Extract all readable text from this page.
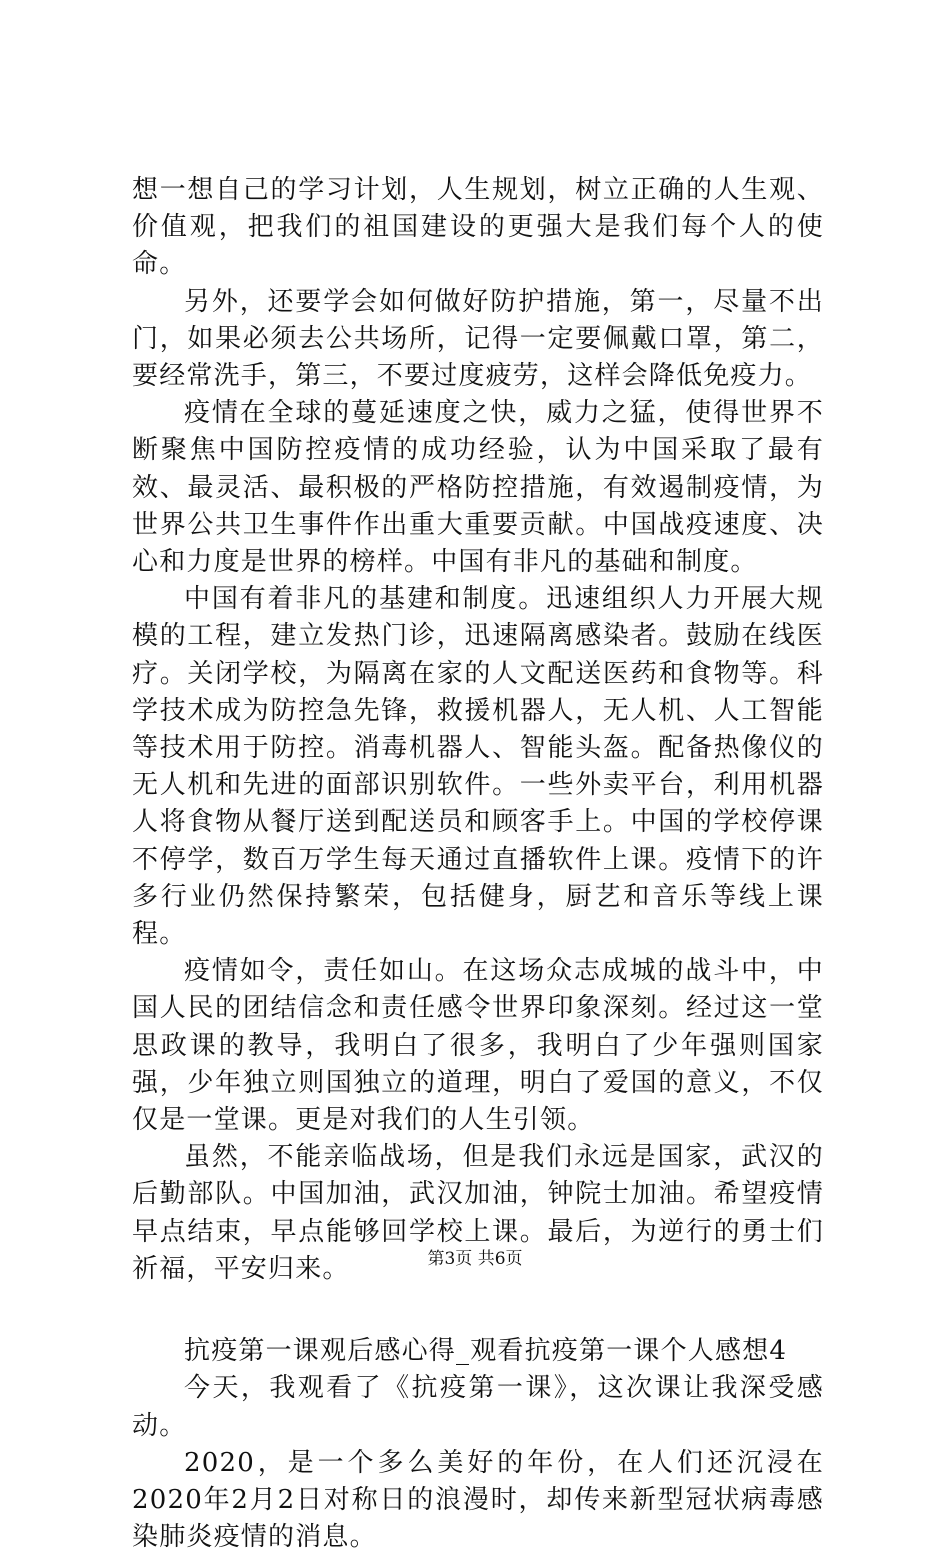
想一想自己的学习计划，人生规划，树立正确的人生观、价值观，把我们的祖国建设的更强大是我们每个人的使命。

另外，还要学会如何做好防护措施，第一，尽量不出门，如果必须去公共场所，记得一定要佩戴口罩，第二，要经常洗手，第三，不要过度疲劳，这样会降低免疫力。

疫情在全球的蔓延速度之快，威力之猛，使得世界不断聚焦中国防控疫情的成功经验，认为中国采取了最有效、最灵活、最积极的严格防控措施，有效遏制疫情，为世界公共卫生事件作出重大重要贡献。中国战疫速度、决心和力度是世界的榜样。中国有非凡的基础和制度。

中国有着非凡的基建和制度。迅速组织人力开展大规模的工程，建立发热门诊，迅速隔离感染者。鼓励在线医疗。关闭学校，为隔离在家的人文配送医药和食物等。科学技术成为防控急先锋，救援机器人，无人机、人工智能等技术用于防控。消毒机器人、智能头盔。配备热像仪的无人机和先进的面部识别软件。一些外卖平台，利用机器人将食物从餐厅送到配送员和顾客手上。中国的学校停课不停学，数百万学生每天通过直播软件上课。疫情下的许多行业仍然保持繁荣，包括健身，厨艺和音乐等线上课程。

疫情如令，责任如山。在这场众志成城的战斗中，中国人民的团结信念和责任感令世界印象深刻。经过这一堂思政课的教导，我明白了很多，我明白了少年强则国家强，少年独立则国独立的道理，明白了爱国的意义，不仅仅是一堂课。更是对我们的人生引领。

虽然，不能亲临战场，但是我们永远是国家，武汉的后勤部队。中国加油，武汉加油，钟院士加油。希望疫情早点结束，早点能够回学校上课。最后，为逆行的勇士们祈福，平安归来。

抗疫第一课观后感心得_观看抗疫第一课个人感想4

今天，我观看了《抗疫第一课》，这次课让我深受感动。

2020，是一个多么美好的年份，在人们还沉浸在2020年2月2日对称日的浪漫时，却传来新型冠状病毒感染肺炎疫情的消息。

第3页 共6页
